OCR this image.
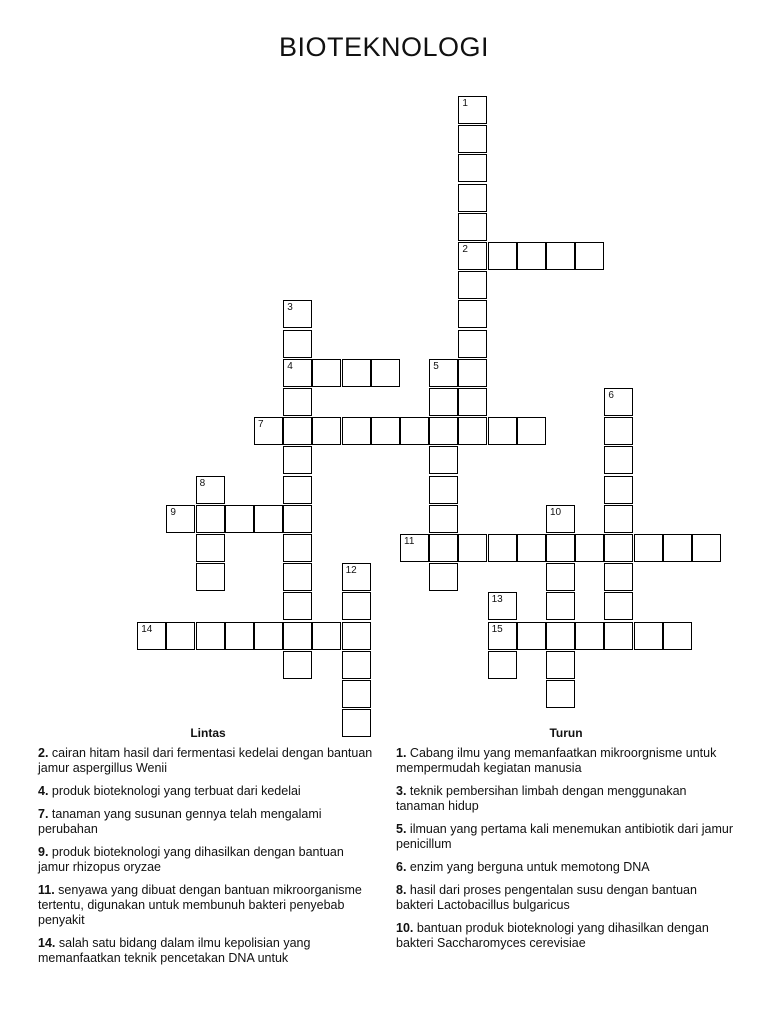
BIOTEKNOLOGI
1
2
3
4	5
6
7
8
9	10
11
12
13
15
14
Lintas
2. cairan hitam hasil dari fermentasi kedelai dengan bantuan jamur aspergillus Wenii
4. produk bioteknologi yang terbuat dari kedelai
7. tanaman yang susunan gennya telah mengalami perubahan
9. produk bioteknologi yang dihasilkan dengan bantuan jamur rhizopus oryzae
11. senyawa yang dibuat dengan bantuan mikroorganisme tertentu, digunakan untuk membunuh bakteri penyebab penyakit
14. salah satu bidang dalam ilmu kepolisian yang memanfaatkan teknik pencetakan DNA untuk
Turun
1. Cabang ilmu yang memanfaatkan mikroorgnisme untuk mempermudah kegiatan manusia
3. teknik pembersihan limbah dengan menggunakan tanaman hidup
5. ilmuan yang pertama kali menemukan antibiotik dari jamur penicillum
6. enzim yang berguna untuk memotong DNA
8. hasil dari proses pengentalan susu dengan bantuan bakteri Lactobacillus bulgaricus
10. bantuan produk bioteknologi yang dihasilkan dengan bakteri Saccharomyces cerevisiae
